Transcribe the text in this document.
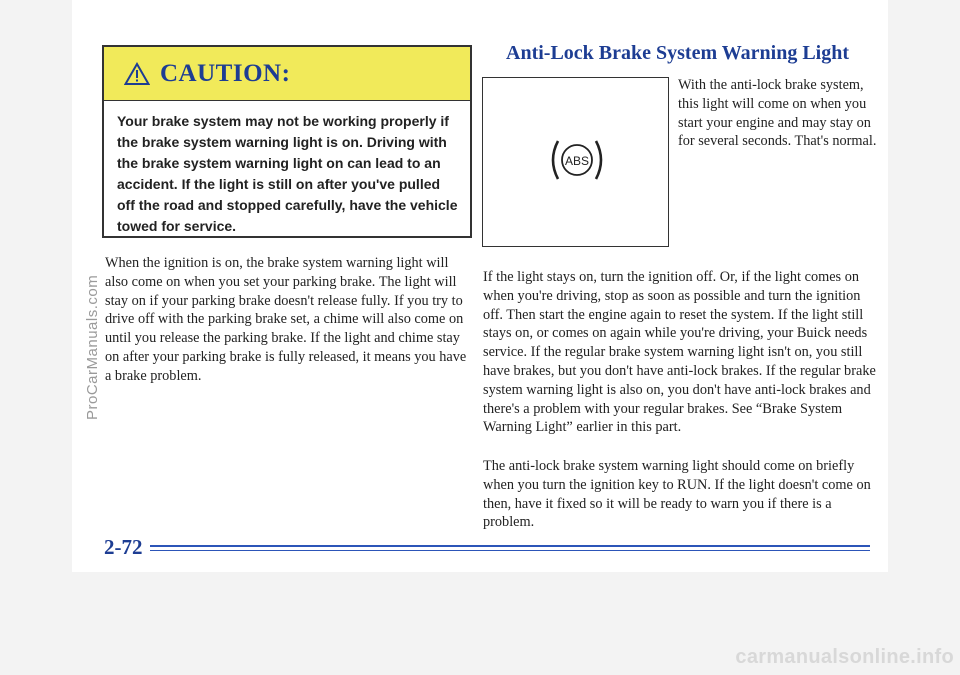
CAUTION:

Your brake system may not be working properly if the brake system warning light is on. Driving with the brake system warning light on can lead to an accident. If the light is still on after you've pulled off the road and stopped carefully, have the vehicle towed for service.

When the ignition is on, the brake system warning light will also come on when you set your parking brake. The light will stay on if your parking brake doesn't release fully. If you try to drive off with the parking brake set, a chime will also come on until you release the parking brake. If the light and chime stay on after your parking brake is fully released, it means you have a brake problem.

Anti-Lock Brake System Warning Light
ABS

With the anti-lock brake system, this light will come on when you start your engine and may stay on for several seconds. That's normal.

If the light stays on, turn the ignition off. Or, if the light comes on when you're driving, stop as soon as possible and turn the ignition off. Then start the engine again to reset the system. If the light still stays on, or comes on again while you're driving, your Buick needs service. If the regular brake system warning light isn't on, you still have brakes, but you don't have anti-lock brakes. If the regular brake system warning light is also on, you don't have anti-lock brakes and there's a problem with your regular brakes. See “Brake System Warning Light” earlier in this part.

The anti-lock brake system warning light should come on briefly when you turn the ignition key to RUN. If the light doesn't come on then, have it fixed so it will be ready to warn you if there is a problem.

2-72
ProCarManuals.com
carmanualsonline.info
